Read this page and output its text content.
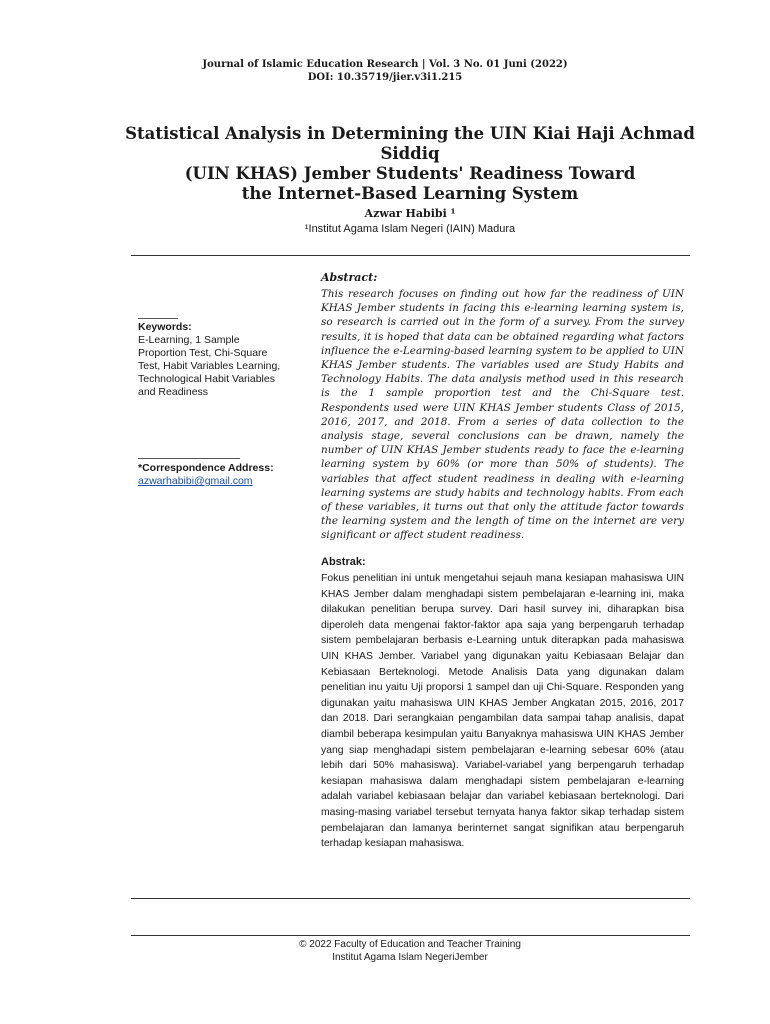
Journal of Islamic Education Research | Vol. 3 No. 01 Juni (2022)
DOI: 10.35719/jier.v3i1.215
Statistical Analysis in Determining the UIN Kiai Haji Achmad Siddiq
(UIN KHAS) Jember Students' Readiness Toward
the Internet-Based Learning System
Azwar Habibi ¹
¹Institut Agama Islam Negeri (IAIN) Madura
Keywords:
E-Learning, 1 Sample Proportion Test, Chi-Square Test, Habit Variables Learning, Technological Habit Variables and Readiness
*Correspondence Address:
azwarhabibi@gmail.com
Abstract:
This research focuses on finding out how far the readiness of UIN KHAS Jember students in facing this e-learning learning system is, so research is carried out in the form of a survey. From the survey results, it is hoped that data can be obtained regarding what factors influence the e-Learning-based learning system to be applied to UIN KHAS Jember students. The variables used are Study Habits and Technology Habits. The data analysis method used in this research is the 1 sample proportion test and the Chi-Square test. Respondents used were UIN KHAS Jember students Class of 2015, 2016, 2017, and 2018. From a series of data collection to the analysis stage, several conclusions can be drawn, namely the number of UIN KHAS Jember students ready to face the e-learning learning system by 60% (or more than 50% of students). The variables that affect student readiness in dealing with e-learning learning systems are study habits and technology habits. From each of these variables, it turns out that only the attitude factor towards the learning system and the length of time on the internet are very significant or affect student readiness.
Abstrak:
Fokus penelitian ini untuk mengetahui sejauh mana kesiapan mahasiswa UIN KHAS Jember dalam menghadapi sistem pembelajaran e-learning ini, maka dilakukan penelitian berupa survey. Dari hasil survey ini, diharapkan bisa diperoleh data mengenai faktor-faktor apa saja yang berpengaruh terhadap sistem pembelajaran berbasis e-Learning untuk diterapkan pada mahasiswa UIN KHAS Jember. Variabel yang digunakan yaitu Kebiasaan Belajar dan Kebiasaan Berteknologi. Metode Analisis Data yang digunakan dalam penelitian inu yaitu Uji proporsi 1 sampel dan uji Chi-Square. Responden yang digunakan yaitu mahasiswa UIN KHAS Jember Angkatan 2015, 2016, 2017 dan 2018. Dari serangkaian pengambilan data sampai tahap analisis, dapat diambil beberapa kesimpulan yaitu Banyaknya mahasiswa UIN KHAS Jember yang siap menghadapi sistem pembelajaran e-learning sebesar 60% (atau lebih dari 50% mahasiswa). Variabel-variabel yang berpengaruh terhadap kesiapan mahasiswa dalam menghadapi sistem pembelajaran e-learning adalah variabel kebiasaan belajar dan variabel kebiasaan berteknologi. Dari masing-masing variabel tersebut ternyata hanya faktor sikap terhadap sistem pembelajaran dan lamanya berinternet sangat signifikan atau berpengaruh terhadap kesiapan mahasiswa.
© 2022 Faculty of Education and Teacher Training
Institut Agama Islam NegeriJember
